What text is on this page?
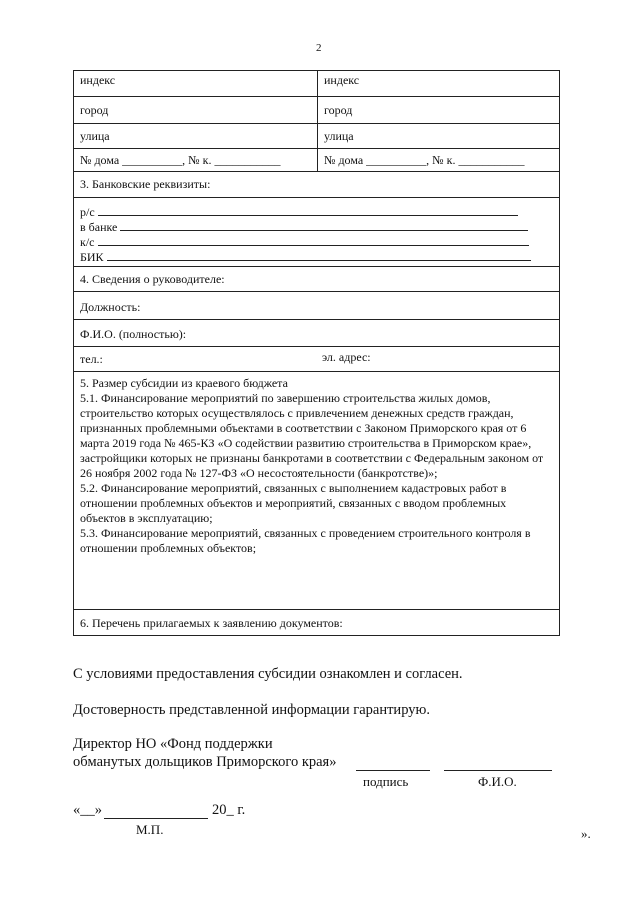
2
индекс	индекс
город	город
улица	улица
№ дома __________, № к. ___________	№ дома __________, № к. ___________
3. Банковские реквизиты:	

р/с
в банке
к/с
БИК	

4. Сведения о руководителе:	
Должность:	
Ф.И.О. (полностью):	
тел.: эл. адрес:	

5. Размер субсидии из краевого бюджета

5.1. Финансирование мероприятий по завершению строительства жилых домов, строительство которых осуществлялось с привлечением денежных средств граждан, признанных проблемными объектами в соответствии с Законом Приморского края от 6 марта 2019 года № 465-КЗ «О содействии развитию строительства в Приморском крае», застройщики которых не признаны банкротами в соответствии с Федеральным законом от 26 ноября 2002 года № 127-ФЗ «О несостоятельности (банкротстве)»;

5.2. Финансирование мероприятий, связанных с выполнением кадастровых работ в отношении проблемных объектов и мероприятий, связанных с вводом проблемных объектов в эксплуатацию;

5.3. Финансирование мероприятий, связанных с проведением строительного контроля в отношении проблемных объектов;	

6. Перечень прилагаемых к заявлению документов:	
С условиями предоставления субсидии ознакомлен и согласен.
Достоверность представленной информации гарантирую.
Директор НО «Фонд поддержки
обманутых дольщиков Приморского края»
подпись	Ф.И.О.
«__»	20_ г.
М.П.	».
